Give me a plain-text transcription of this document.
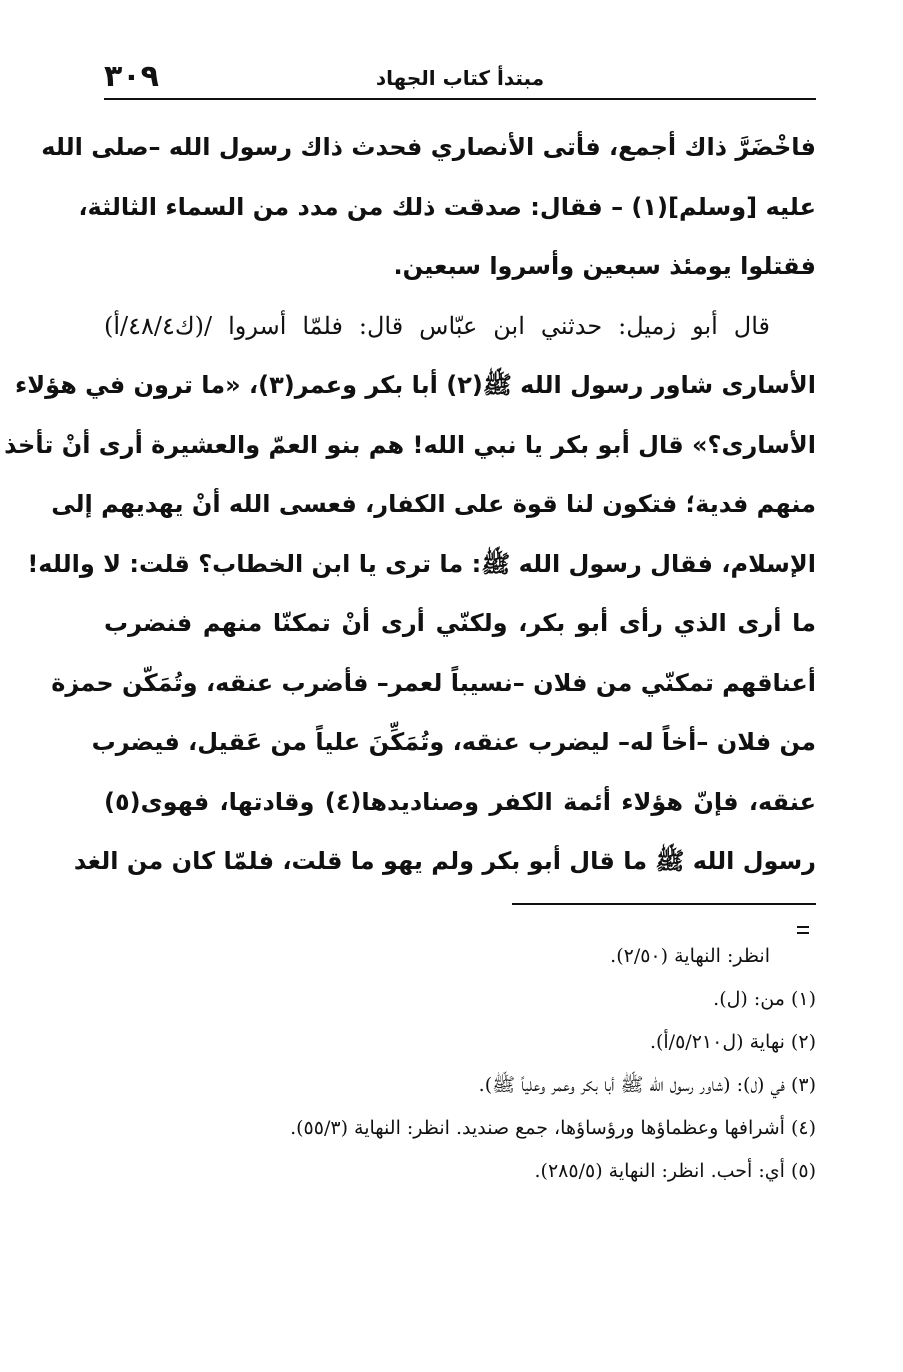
٣٠٩	مبتدأ كتاب الجهاد
فاخْضَرَّ ذاك أجمع، فأتى الأنصاري فحدث ذاك رسول الله –صلى الله
عليه [وسلم](١) – فقال: صدقت ذلك من مدد من السماء الثالثة،
فقتلوا يومئذ سبعين وأسروا سبعين.
قال أبو زميل: حدثني ابن عبّاس قال: فلمّا أسروا /(ك٤٨/٤/أ)
الأسارى شاور رسول الله ﷺ(٢) أبا بكر وعمر(٣)، «ما ترون في هؤلاء
الأسارى؟» قال أبو بكر يا نبي الله! هم بنو العمّ والعشيرة أرى أنْ تأخذ
منهم فدية؛ فتكون لنا قوة على الكفار، فعسى الله أنْ يهديهم إلى
الإسلام، فقال رسول الله ﷺ: ما ترى يا ابن الخطاب؟ قلت: لا والله!
ما أرى الذي رأى أبو بكر، ولكنّي أرى أنْ تمكنّا منهم فنضرب
أعناقهم تمكنّي من فلان –نسيباً لعمر– فأضرب عنقه، وتُمَكّن حمزة
من فلان –أخاً له– ليضرب عنقه، وتُمَكِّنَ علياً من عَقيل، فيضرب
عنقه، فإنّ هؤلاء أئمة الكفر وصناديدها(٤) وقادتها، فهوى(٥)
رسول الله ﷺ ما قال أبو بكر ولم يهو ما قلت، فلمّا كان من الغد
انظر: النهاية (٢/٥٠).
(١) من: (ل).
(٢) نهاية (ل٥/٢١٠/أ).
(٣) في (ل): (شاور رسول الله ﷺ أبا بكر وعمر وعلياً ﷺ).
(٤) أشرافها وعظماؤها ورؤساؤها، جمع صنديد. انظر: النهاية (٥٥/٣).
(٥) أي: أحب. انظر: النهاية (٢٨٥/٥).
